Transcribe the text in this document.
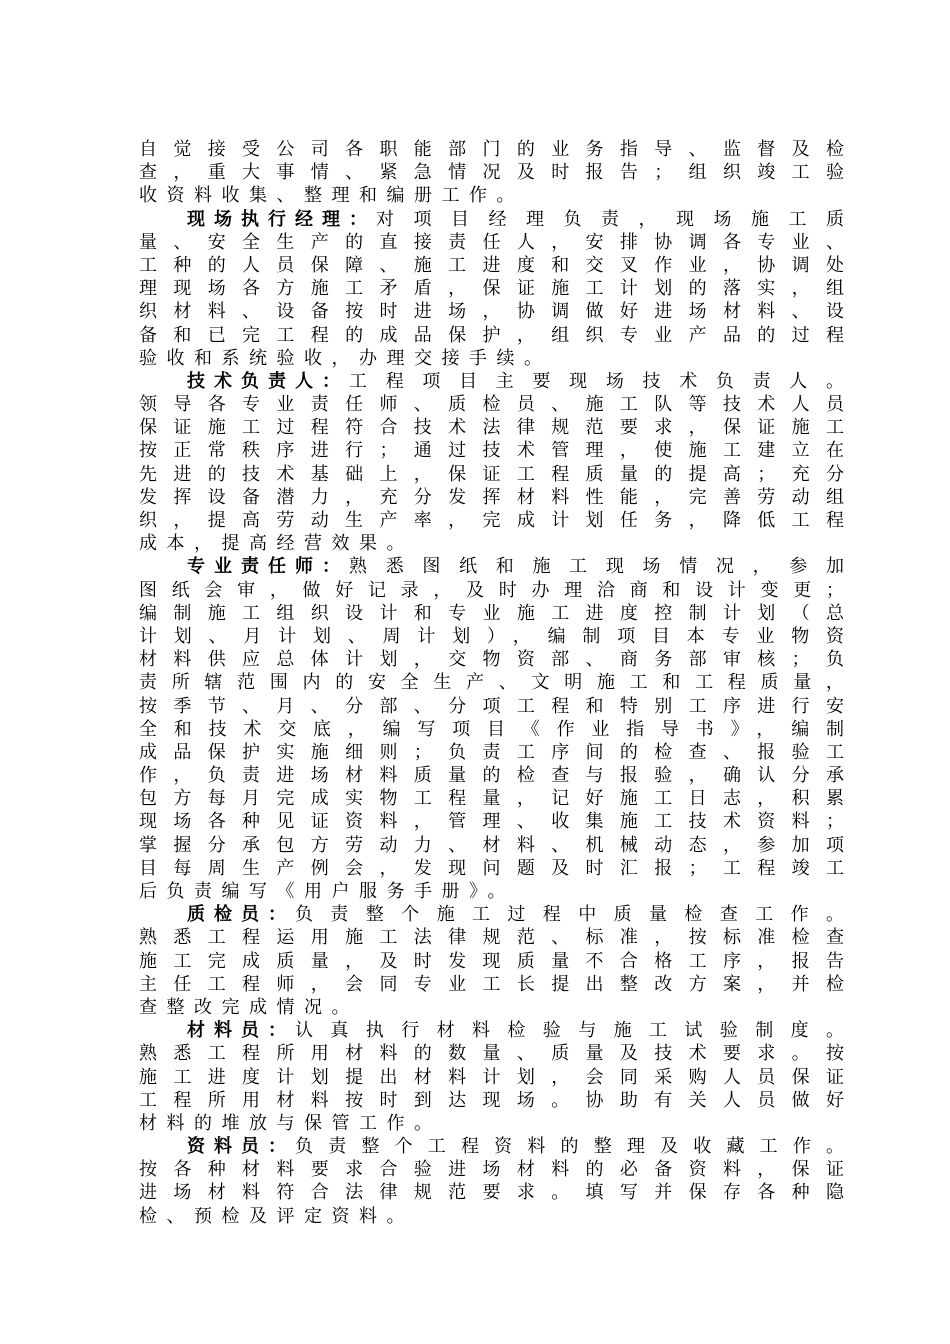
自觉接受公司各职能部门的业务指导、监督及检
查，重大事情、紧急情况及时报告；组织竣工验
收资料收集、整理和编册工作。
现场执行经理：对项目经理负责，现场施工质
量、安全生产的直接责任人，安排协调各专业、
工种的人员保障、施工进度和交叉作业，协调处
理现场各方施工矛盾，保证施工计划的落实，组
织材料、设备按时进场，协调做好进场材料、设
备和已完工程的成品保护，组织专业产品的过程
验收和系统验收，办理交接手续。
技术负责人：工程项目主要现场技术负责人。
领导各专业责任师、质检员、施工队等技术人员
保证施工过程符合技术法律规范要求，保证施工
按正常秩序进行；通过技术管理，使施工建立在
先进的技术基础上，保证工程质量的提高；充分
发挥设备潜力，充分发挥材料性能，完善劳动组
织，提高劳动生产率，完成计划任务，降低工程
成本，提高经营效果。
专业责任师：熟悉图纸和施工现场情况，参加
图纸会审，做好记录，及时办理洽商和设计变更；
编制施工组织设计和专业施工进度控制计划（总
计划、月计划、周计划），编制项目本专业物资
材料供应总体计划，交物资部、商务部审核；负
责所辖范围内的安全生产、文明施工和工程质量，
按季节、月、分部、分项工程和特别工序进行安
全和技术交底，编写项目《作业指导书》，编制
成品保护实施细则；负责工序间的检查、报验工
作，负责进场材料质量的检查与报验，确认分承
包方每月完成实物工程量，记好施工日志，积累
现场各种见证资料，管理、收集施工技术资料；
掌握分承包方劳动力、材料、机械动态，参加项
目每周生产例会，发现问题及时汇报；工程竣工
后负责编写《用户服务手册》。
质检员：负责整个施工过程中质量检查工作。
熟悉工程运用施工法律规范、标准，按标准检查
施工完成质量，及时发现质量不合格工序，报告
主任工程师，会同专业工长提出整改方案，并检
查整改完成情况。
材料员：认真执行材料检验与施工试验制度。
熟悉工程所用材料的数量、质量及技术要求。按
施工进度计划提出材料计划，会同采购人员保证
工程所用材料按时到达现场。协助有关人员做好
材料的堆放与保管工作。
资料员：负责整个工程资料的整理及收藏工作。
按各种材料要求合验进场材料的必备资料，保证
进场材料符合法律规范要求。填写并保存各种隐
检、预检及评定资料。
